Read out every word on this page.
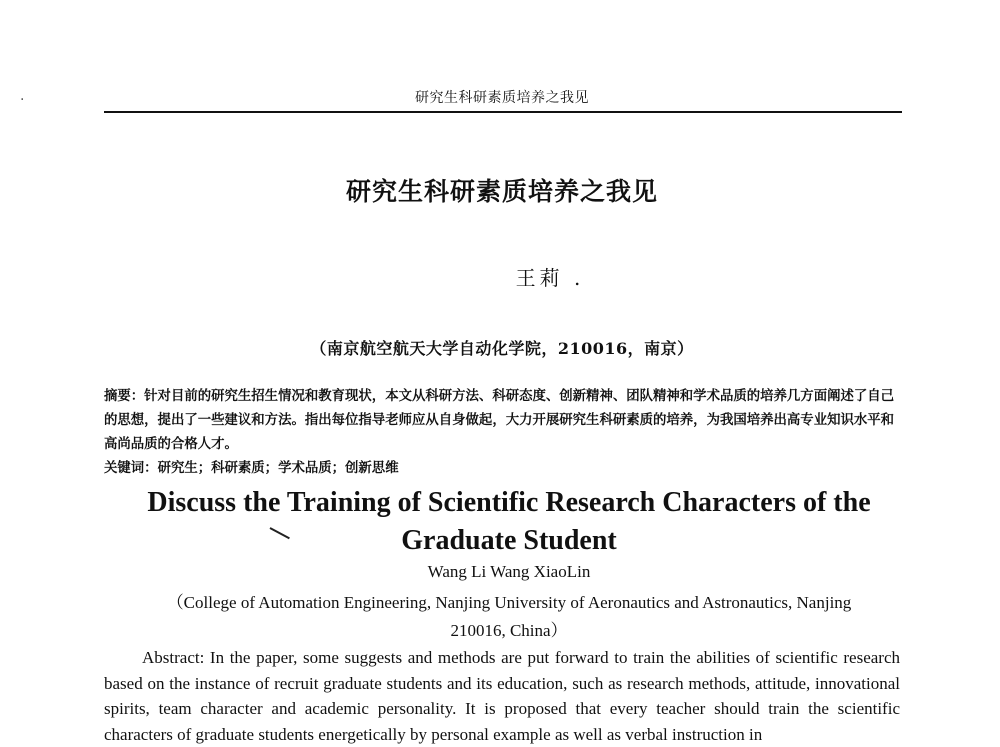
研究生科研素质培养之我见
·
研究生科研素质培养之我见
王莉 .
（南京航空航天大学自动化学院，210016，南京）
摘要：针对目前的研究生招生情况和教育现状，本文从科研方法、科研态度、创新精神、团队精神和学术品质的培养几方面阐述了自己的思想，提出了一些建议和方法。指出每位指导老师应从自身做起，大力开展研究生科研素质的培养，为我国培养出高专业知识水平和高尚品质的合格人才。
关键词：研究生；科研素质；学术品质；创新思维
Discuss the Training of Scientific Research Characters of the
Graduate Student
Wang Li Wang XiaoLin
（College of Automation Engineering, Nanjing University of Aeronautics and Astronautics, Nanjing
210016, China）
Abstract: In the paper, some suggests and methods are put forward to train the abilities of scientific research based on the instance of recruit graduate students and its education, such as research methods, attitude, innovational spirits, team character and academic personality. It is proposed that every teacher should train the scientific characters of graduate students energetically by personal example as well as verbal instruction in
